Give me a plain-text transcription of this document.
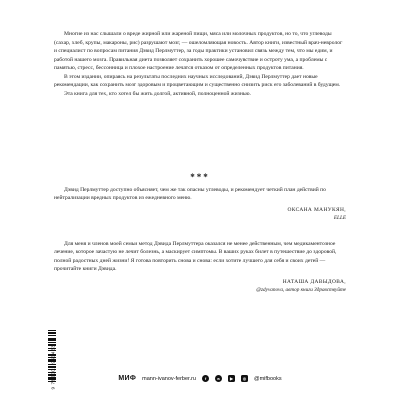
Многие из нас слышали о вреде жирной или жареной пищи, мяса или молочных продуктов, но то, что углеводы (сахар, хлеб, крупы, макароны, рис) разрушают мозг, — ошеломляющая новость. Автор книги, известный врач-невролог и специалист по вопросам питания Дэвид Перлмуттер, за годы практики установил связь между тем, что мы едим, и работой нашего мозга. Правильная диета позволяет сохранить хорошее самочувствие и остроту ума, а проблемы с памятью, стресс, бессонница и плохое настроение лечатся отказом от определенных продуктов питания.

В этом издании, опираясь на результаты последних научных исследований, Дэвид Перлмуттер дает новые рекомендации, как сохранить мозг здоровым и процветающим и существенно снизить риск его заболеваний в будущем.

Эта книга для тех, кто хотел бы жить долгой, активной, полноценной жизнью.

***

Дэвид Перлмуттер доступно объясняет, чем же так опасны углеводы, и рекомендует четкий план действий по нейтрализации вредных продуктов из ежедневного меню.

ОКСАНА МАНУКЯН,
ELLE

Для меня и членов моей семьи метод Дэвида Перлмуттера оказался не менее действенным, чем медикаментозное лечение, которое зачастую не лечит болезнь, а маскирует симптомы. В ваших руках билет в путешествие до здоровой, полной радостных дней жизни! Я готова повторить снова и снова: если хотите лучшего для себя и своих детей — прочитайте книги Дэвида.

НАТАША ДАВЫДОВА,
@zdyvanova, автор книги Здравствуйте
9 785001 953463	МИФ mann-ivanov-ferber.ru	f	в	▶	◎	@mifbooks
